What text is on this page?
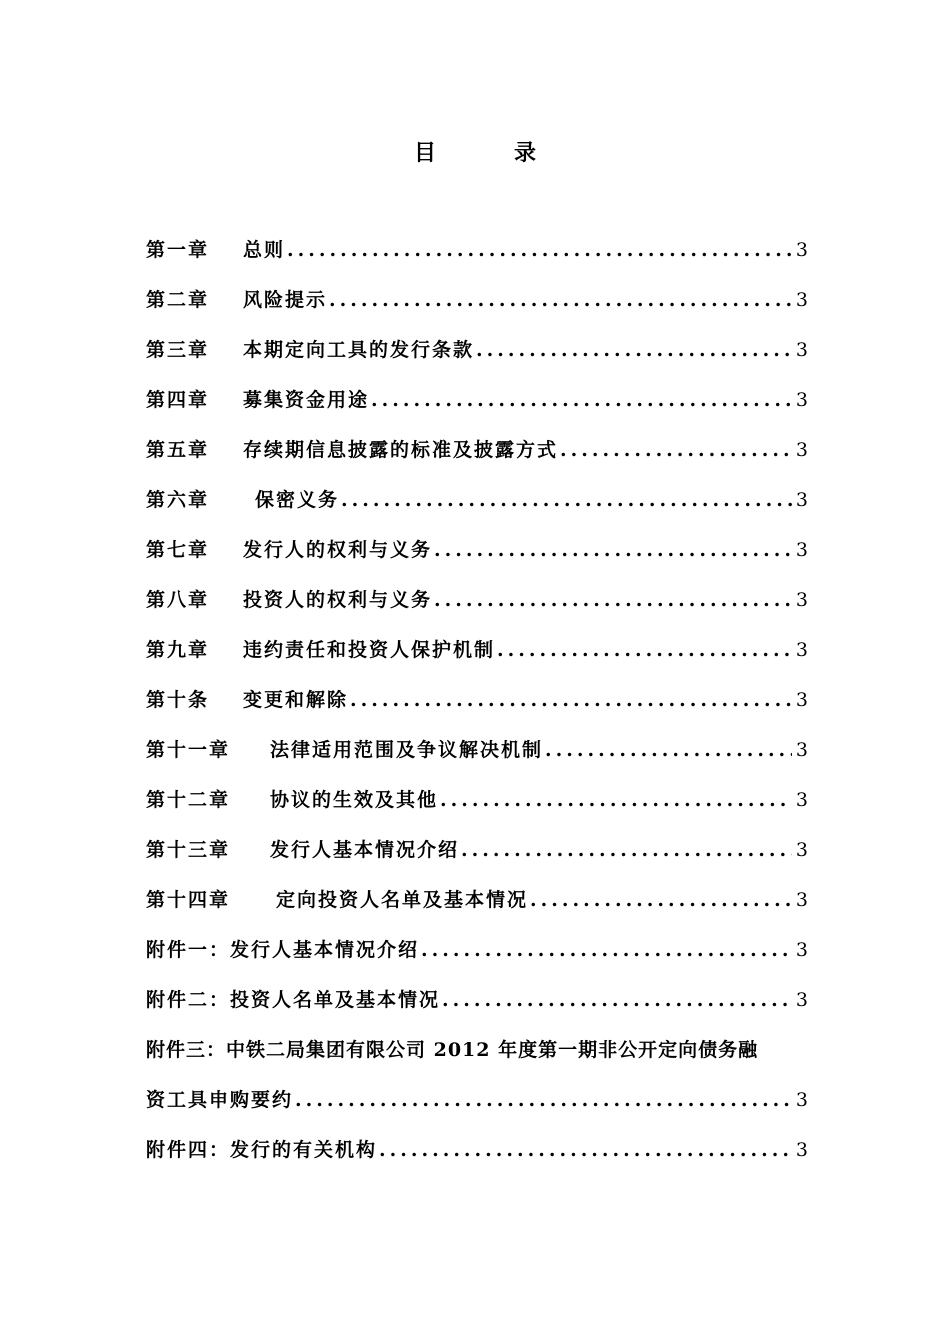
目　录
第一章 总则 .....	3
第二章 风险提示 .....	3
第三章 本期定向工具的发行条款 .....	3
第四章 募集资金用途 .....	3
第五章 存续期信息披露的标准及披露方式 .....	3
第六章 保密义务 .....	3
第七章 发行人的权利与义务 .....	3
第八章 投资人的权利与义务 .....	3
第九章 违约责任和投资人保护机制 .....	3
第十条 变更和解除 .....	3
第十一章 法律适用范围及争议解决机制 .....	3
第十二章 协议的生效及其他 .....	3
第十三章 发行人基本情况介绍 .....	3
第十四章 定向投资人名单及基本情况 .....	3
附件一：发行人基本情况介绍 .....	3
附件二：投资人名单及基本情况 .....	3
附件三：中铁二局集团有限公司 2012 年度第一期非公开定向债务融
资工具申购要约 .....	3
附件四：发行的有关机构 .....	3
